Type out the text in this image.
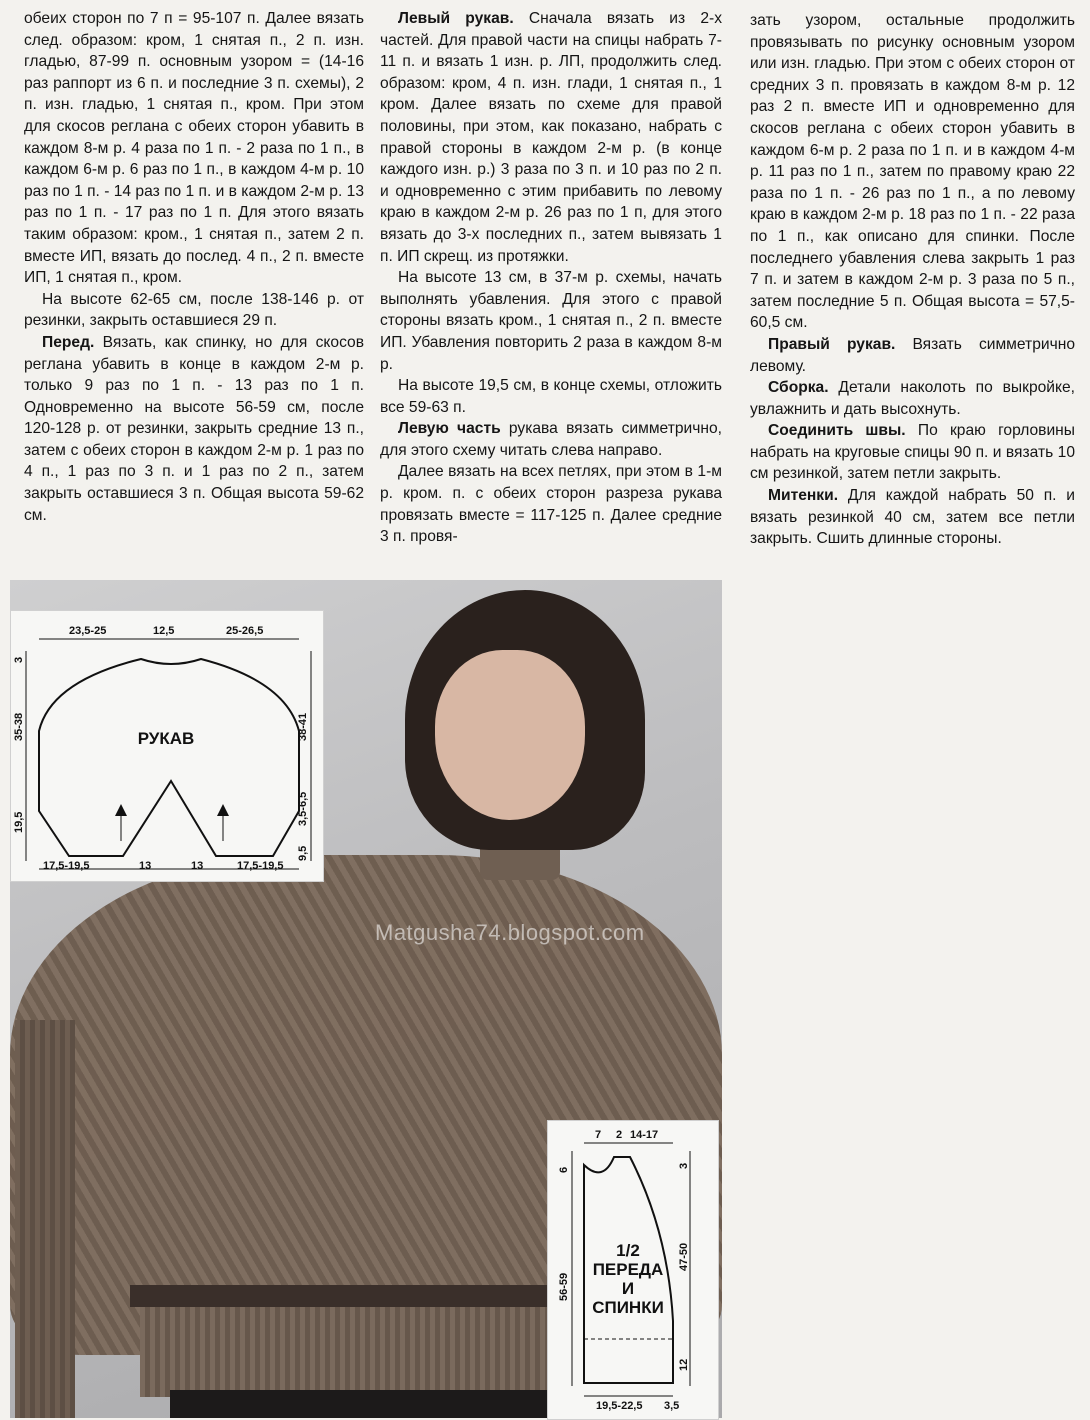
обеих сторон по 7 п = 95-107 п. Далее вязать след. образом: кром, 1 снятая п., 2 п. изн. гладью, 87-99 п. основным узором = (14-16 раз раппорт из 6 п. и последние 3 п. схемы), 2 п. изн. гладью, 1 снятая п., кром. При этом для скосов реглана с обеих сторон убавить в каждом 8-м р. 4 раза по 1 п. - 2 раза по 1 п., в каждом 6-м р. 6 раз по 1 п., в каждом 4-м р. 10 раз по 1 п. - 14 раз по 1 п. и в каждом 2-м р. 13 раз по 1 п. - 17 раз по 1 п. Для этого вязать таким образом: кром., 1 снятая п., затем 2 п. вместе ИП, вязать до послед. 4 п., 2 п. вместе ИП, 1 снятая п., кром.

На высоте 62-65 см, после 138-146 р. от резинки, закрыть оставшиеся 29 п.

Перед. Вязать, как спинку, но для скосов реглана убавить в конце в каждом 2-м р. только 9 раз по 1 п. - 13 раз по 1 п. Одновременно на высоте 56-59 см, после 120-128 р. от резинки, закрыть средние 13 п., затем с обеих сторон в каждом 2-м р. 1 раз по 4 п., 1 раз по 3 п. и 1 раз по 2 п., затем закрыть оставшиеся 3 п. Общая высота 59-62 см.

Левый рукав. Сначала вязать из 2-х частей. Для правой части на спицы набрать 7-11 п. и вязать 1 изн. р. ЛП, продолжить след. образом: кром, 4 п. изн. глади, 1 снятая п., 1 кром. Далее вязать по схеме для правой половины, при этом, как показано, набрать с правой стороны в каждом 2-м р. (в конце каждого изн. р.) 3 раза по 3 п. и 10 раз по 2 п. и одновременно с этим прибавить по левому краю в каждом 2-м р. 26 раз по 1 п, для этого вязать до 3-х последних п., затем вывязать 1 п. ИП скрещ. из протяжки.

На высоте 13 см, в 37-м р. схемы, начать выполнять убавления. Для этого с правой стороны вязать кром., 1 снятая п., 2 п. вместе ИП. Убавления повторить 2 раза в каждом 8-м р.

На высоте 19,5 см, в конце схемы, отложить все 59-63 п.

Левую часть рукава вязать симметрично, для этого схему читать слева направо.

Далее вязать на всех петлях, при этом в 1-м р. кром. п. с обеих сторон разреза рукава провязать вместе = 117-125 п. Далее средние 3 п. провя-

зать узором, остальные продолжить провязывать по рисунку основным узором или изн. гладью. При этом с обеих сторон от средних 3 п. провязать в каждом 8-м р. 12 раз 2 п. вместе ИП и одновременно для скосов реглана с обеих сторон убавить в каждом 6-м р. 2 раза по 1 п. и в каждом 4-м р. 11 раз по 1 п., затем по правому краю 22 раза по 1 п. - 26 раз по 1 п., а по левому краю в каждом 2-м р. 18 раз по 1 п. - 22 раза по 1 п., как описано для спинки. После последнего убавления слева закрыть 1 раз 7 п. и затем в каждом 2-м р. 3 раза по 5 п., затем последние 5 п. Общая высота = 57,5-60,5 см.

Правый рукав. Вязать симметрично левому.

Сборка. Детали наколоть по выкройке, увлажнить и дать высохнуть.

Соединить швы. По краю горловины набрать на круговые спицы 90 п. и вязать 10 см резинкой, затем петли закрыть.

Митенки. Для каждой набрать 50 п. и вязать резинкой 40 см, затем все петли закрыть. Сшить длинные стороны.

Matgusha74.blogspot.com
23,5-25	12,5	25-26,5
3
35-38
19,5
38-41
3,5-6,5
9,5
17,5-19,5	13	13	17,5-19,5
РУКАВ
7 2 14-17
6
56-59
3
47-50
12
19,5-22,5 3,5
1/2
ПЕРЕДА
И
СПИНКИ
